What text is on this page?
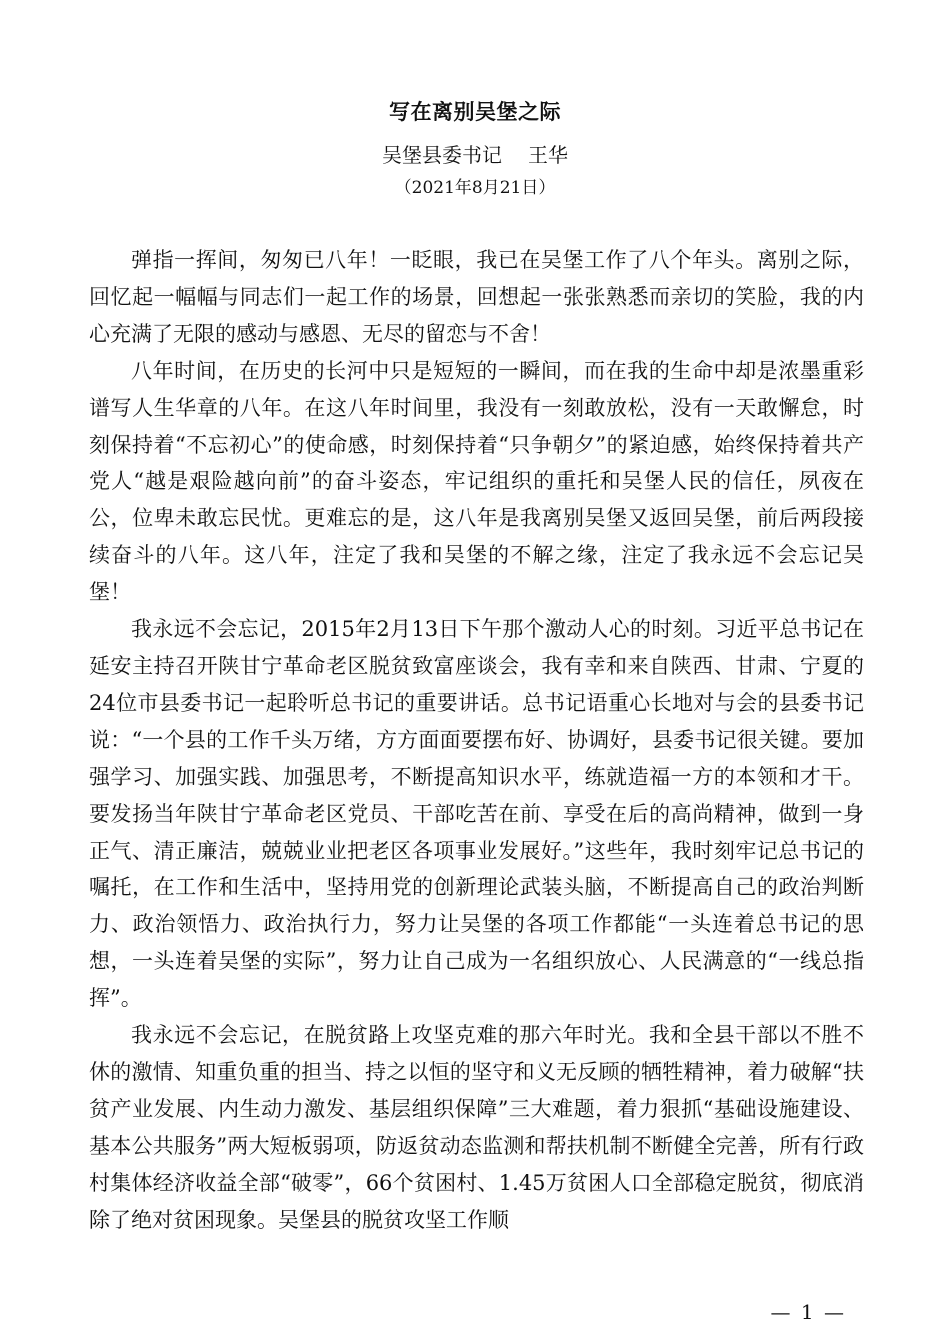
写在离别吴堡之际
吴堡县委书记 王华
（2021年8月21日）

弹指一挥间，匆匆已八年！一眨眼，我已在吴堡工作了八个年头。离别之际，回忆起一幅幅与同志们一起工作的场景，回想起一张张熟悉而亲切的笑脸，我的内心充满了无限的感动与感恩、无尽的留恋与不舍！

八年时间，在历史的长河中只是短短的一瞬间，而在我的生命中却是浓墨重彩谱写人生华章的八年。在这八年时间里，我没有一刻敢放松，没有一天敢懈怠，时刻保持着“不忘初心”的使命感，时刻保持着“只争朝夕”的紧迫感，始终保持着共产党人“越是艰险越向前”的奋斗姿态，牢记组织的重托和吴堡人民的信任，夙夜在公，位卑未敢忘民忧。更难忘的是，这八年是我离别吴堡又返回吴堡，前后两段接续奋斗的八年。这八年，注定了我和吴堡的不解之缘，注定了我永远不会忘记吴堡！

我永远不会忘记，2015年2月13日下午那个激动人心的时刻。习近平总书记在延安主持召开陕甘宁革命老区脱贫致富座谈会，我有幸和来自陕西、甘肃、宁夏的24位市县委书记一起聆听总书记的重要讲话。总书记语重心长地对与会的县委书记说：“一个县的工作千头万绪，方方面面要摆布好、协调好，县委书记很关键。要加强学习、加强实践、加强思考，不断提高知识水平，练就造福一方的本领和才干。要发扬当年陕甘宁革命老区党员、干部吃苦在前、享受在后的高尚精神，做到一身正气、清正廉洁，兢兢业业把老区各项事业发展好。”这些年，我时刻牢记总书记的嘱托，在工作和生活中，坚持用党的创新理论武装头脑，不断提高自己的政治判断力、政治领悟力、政治执行力，努力让吴堡的各项工作都能“一头连着总书记的思想，一头连着吴堡的实际”，努力让自己成为一名组织放心、人民满意的“一线总指挥”。

我永远不会忘记，在脱贫路上攻坚克难的那六年时光。我和全县干部以不胜不休的激情、知重负重的担当、持之以恒的坚守和义无反顾的牺牲精神，着力破解“扶贫产业发展、内生动力激发、基层组织保障”三大难题，着力狠抓“基础设施建设、基本公共服务”两大短板弱项，防返贫动态监测和帮扶机制不断健全完善，所有行政村集体经济收益全部“破零”，66个贫困村、1.45万贫困人口全部稳定脱贫，彻底消除了绝对贫困现象。吴堡县的脱贫攻坚工作顺

— 1 —
